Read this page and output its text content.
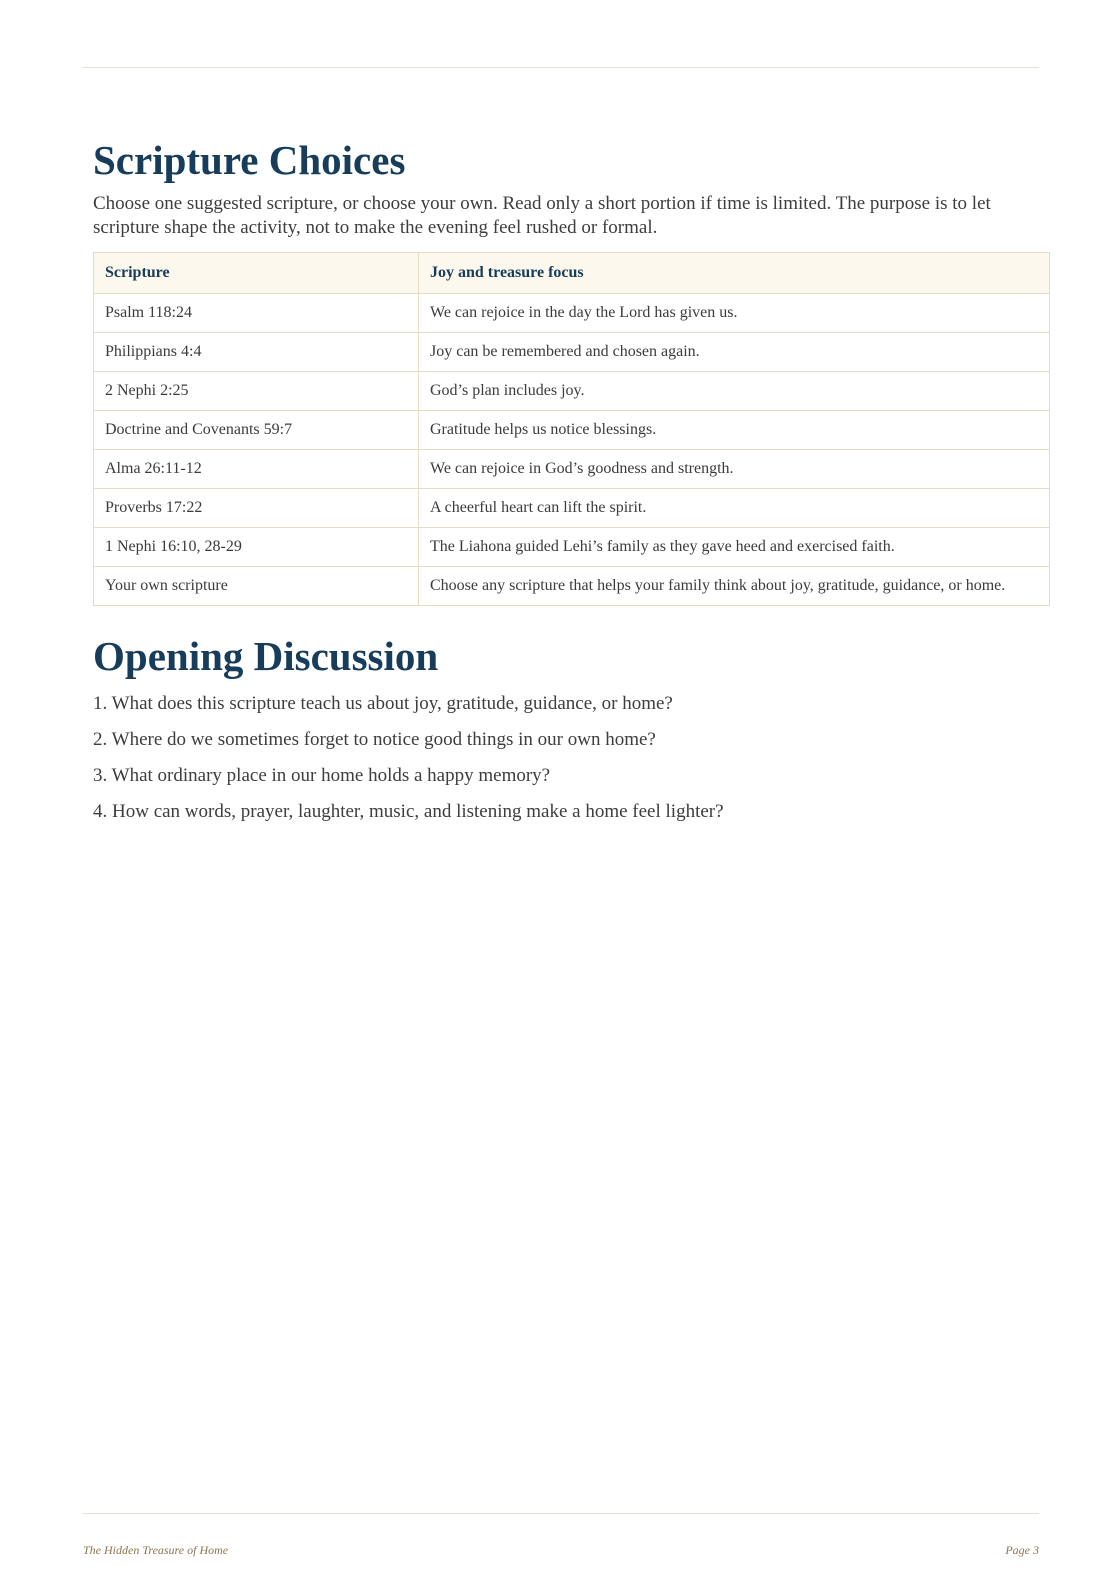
Scripture Choices

Choose one suggested scripture, or choose your own. Read only a short portion if time is limited. The purpose is to let scripture shape the activity, not to make the evening feel rushed or formal.

Scripture	Joy and treasure focus
Psalm 118:24	We can rejoice in the day the Lord has given us.
Philippians 4:4	Joy can be remembered and chosen again.
2 Nephi 2:25	God’s plan includes joy.
Doctrine and Covenants 59:7	Gratitude helps us notice blessings.
Alma 26:11-12	We can rejoice in God’s goodness and strength.
Proverbs 17:22	A cheerful heart can lift the spirit.
1 Nephi 16:10, 28-29	The Liahona guided Lehi’s family as they gave heed and exercised faith.
Your own scripture	Choose any scripture that helps your family think about joy, gratitude, guidance, or home.
Opening Discussion
1. What does this scripture teach us about joy, gratitude, guidance, or home?
2. Where do we sometimes forget to notice good things in our own home?
3. What ordinary place in our home holds a happy memory?
4. How can words, prayer, laughter, music, and listening make a home feel lighter?
The Hidden Treasure of Home	Page 3
